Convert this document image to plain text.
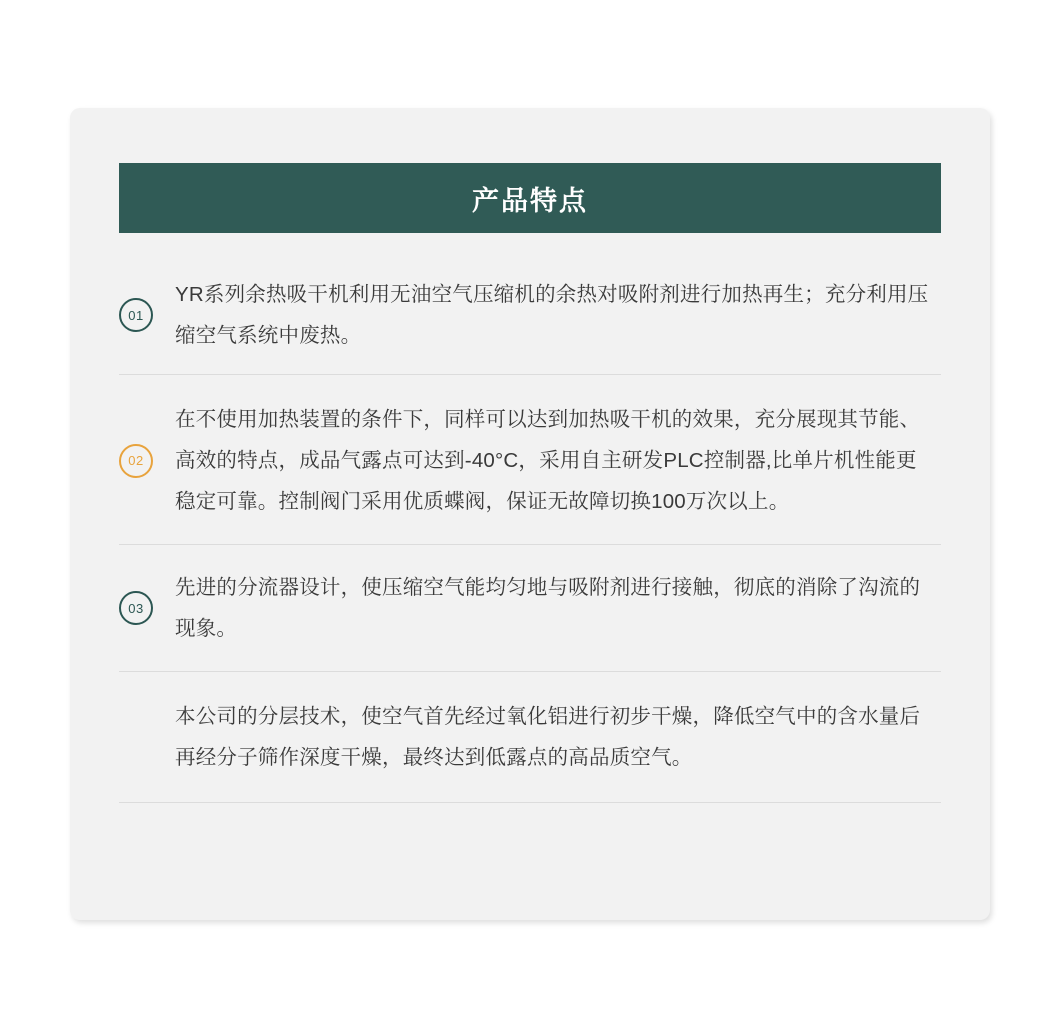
产品特点
01
YR系列余热吸干机利用无油空气压缩机的余热对吸附剂进行加热再生；充分利用压缩空气系统中废热。
02
在不使用加热装置的条件下，同样可以达到加热吸干机的效果，充分展现其节能、高效的特点，成品气露点可达到-40°C，采用自主研发PLC控制器,比单片机性能更稳定可靠。控制阀门采用优质蝶阀，保证无故障切换100万次以上。
03
先进的分流器设计，使压缩空气能均匀地与吸附剂进行接触，彻底的消除了沟流的现象。
本公司的分层技术，使空气首先经过氧化铝进行初步干燥，降低空气中的含水量后再经分子筛作深度干燥，最终达到低露点的高品质空气。
